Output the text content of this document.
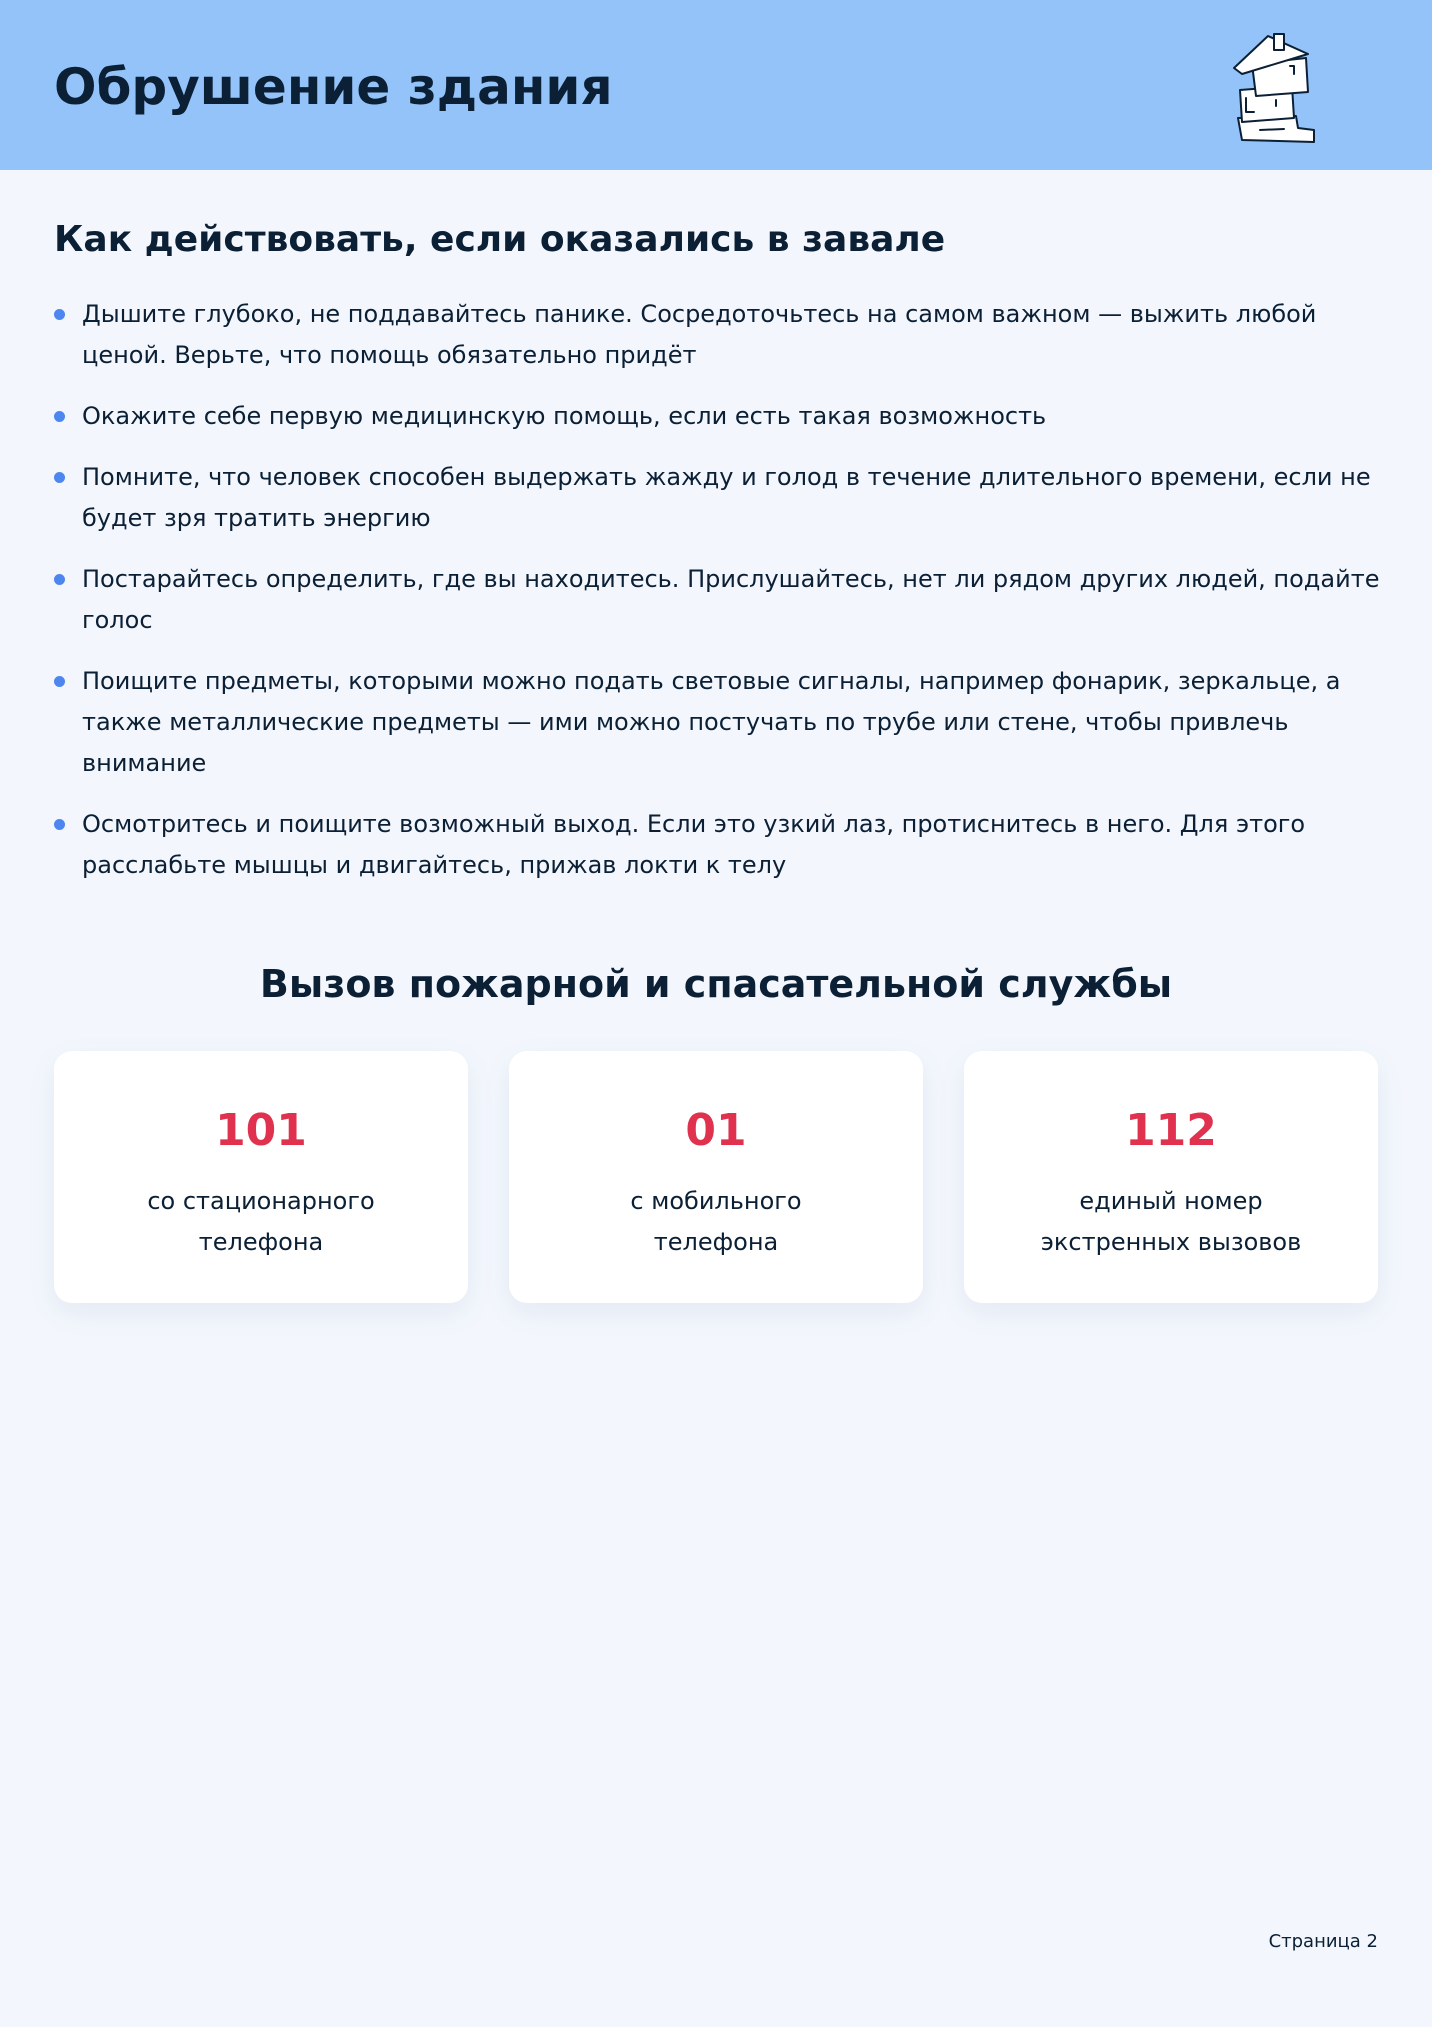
Обрушение здания
Как действовать, если оказались в завале
Дышите глубоко, не поддавайтесь панике. Сосредоточьтесь на самом важном — выжить любой ценой. Верьте, что помощь обязательно придёт
Окажите себе первую медицинскую помощь, если есть такая возможность
Помните, что человек способен выдержать жажду и голод в течение длительного времени, если не будет зря тратить энергию
Постарайтесь определить, где вы находитесь. Прислушайтесь, нет ли рядом других людей, подайте голос
Поищите предметы, которыми можно подать световые сигналы, например фонарик, зеркальце, а также металлические предметы — ими можно постучать по трубе или стене, чтобы привлечь внимание
Осмотритесь и поищите возможный выход. Если это узкий лаз, протиснитесь в него. Для этого расслабьте мышцы и двигайтесь, прижав локти к телу
Вызов пожарной и спасательной службы
101
со стационарного
телефона
01
с мобильного
телефона
112
единый номер
экстренных вызовов
Страница 2
